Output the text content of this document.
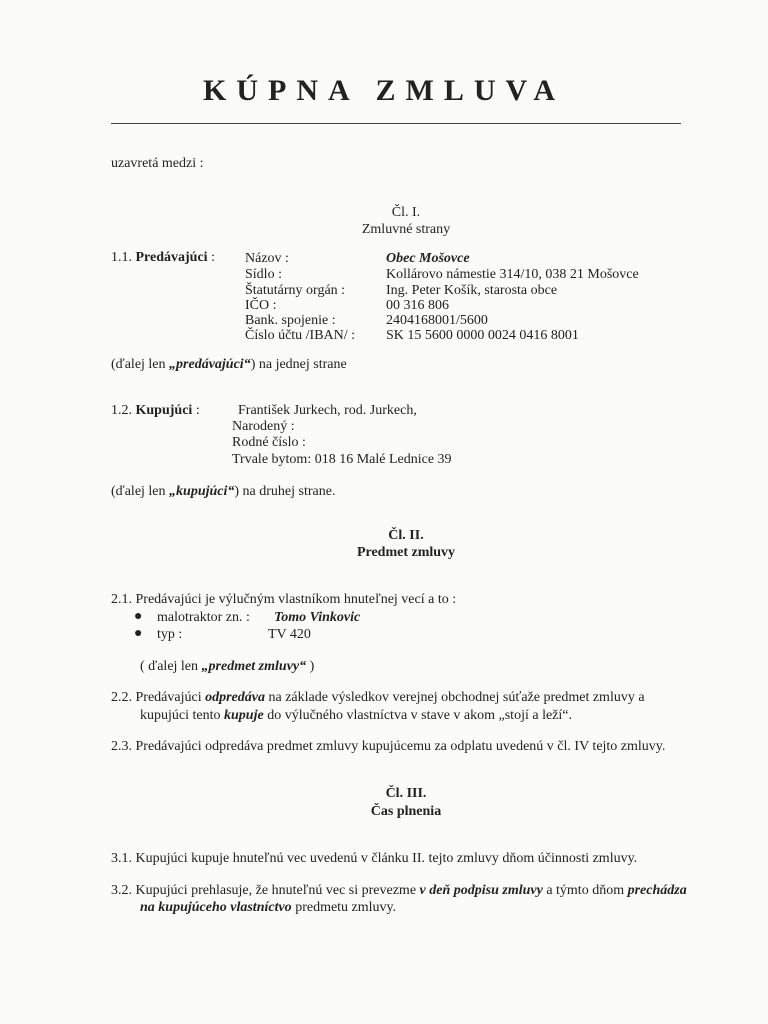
KÚPNA ZMLUVA
uzavretá medzi :
Čl. I.
Zmluvné strany
1.1. Predávajúci : Názov :	Obec Mošovce
Sídlo :	Kollárovo námestie 314/10, 038 21 Mošovce
Štatutárny orgán :	Ing. Peter Košík, starosta obce
IČO :	00 316 806
Bank. spojenie :	2404168001/5600
Číslo účtu /IBAN/ : SK 15 5600 0000 0024 0416 8001
(ďalej len „predávajúci“) na jednej strane
1.2. Kupujúci :	František Jurkech, rod. Jurkech,
Narodený :
Rodné číslo :
Trvale bytom: 018 16 Malé Lednice 39
(ďalej len „kupujúci“) na druhej strane.
Čl. II.
Predmet zmluvy
2.1. Predávajúci je výlučným vlastníkom hnuteľnej vecí a to :
● malotraktor zn. : Tomo Vinkovic
● typ :	TV 420
( ďalej len „predmet zmluvy“ )
2.2. Predávajúci odpredáva na základe výsledkov verejnej obchodnej súťaže predmet zmluvy a
kupujúci tento kupuje do výlučného vlastníctva v stave v akom „stojí a leží“.
2.3. Predávajúci odpredáva predmet zmluvy kupujúcemu za odplatu uvedenú v čl. IV tejto zmluvy.
Čl. III.
Čas plnenia
3.1. Kupujúci kupuje hnuteľnú vec uvedenú v článku II. tejto zmluvy dňom účinnosti zmluvy.
3.2. Kupujúci prehlasuje, že hnuteľnú vec si prevezme v deň podpisu zmluvy a týmto dňom prechádza
na kupujúceho vlastníctvo predmetu zmluvy.
